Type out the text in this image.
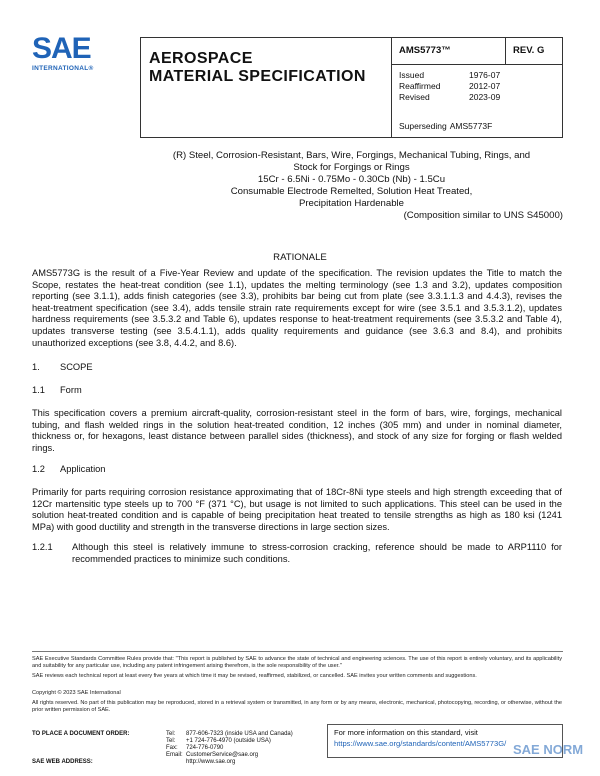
SAE
INTERNATIONAL®
AEROSPACE
MATERIAL SPECIFICATION
AMS5773™	REV. G
Issued	1976-07
Reaffirmed	2012-07
Revised	2023-09
Superseding AMS5773F
(R) Steel, Corrosion-Resistant, Bars, Wire, Forgings, Mechanical Tubing, Rings, and
Stock for Forgings or Rings
15Cr - 6.5Ni - 0.75Mo - 0.30Cb (Nb) - 1.5Cu
Consumable Electrode Remelted, Solution Heat Treated,
Precipitation Hardenable
(Composition similar to UNS S45000)
RATIONALE
AMS5773G is the result of a Five-Year Review and update of the specification. The revision updates the Title to match the Scope, restates the heat-treat condition (see 1.1), updates the melting terminology (see 1.3 and 3.2), updates composition reporting (see 3.1.1), adds finish categories (see 3.3), prohibits bar being cut from plate (see 3.3.1.1.3 and 4.4.3), revises the heat-treatment specification (see 3.4), adds tensile strain rate requirements except for wire (see 3.5.1 and 3.5.3.1.2), updates hardness requirements (see 3.5.3.2 and Table 6), updates response to heat-treatment requirements (see 3.5.3.2 and Table 4), updates transverse testing (see 3.5.4.1.1), adds quality requirements and guidance (see 3.6.3 and 8.4), and prohibits unauthorized exceptions (see 3.8, 4.4.2, and 8.6).
1. SCOPE
1.1 Form
This specification covers a premium aircraft-quality, corrosion-resistant steel in the form of bars, wire, forgings, mechanical tubing, and flash welded rings in the solution heat-treated condition, 12 inches (305 mm) and under in nominal diameter, thickness or, for hexagons, least distance between parallel sides (thickness), and stock of any size for forging or flash welded rings.
1.2 Application
Primarily for parts requiring corrosion resistance approximating that of 18Cr-8Ni type steels and high strength exceeding that of 12Cr martensitic type steels up to 700 °F (371 °C), but usage is not limited to such applications. This steel can be used in the solution heat-treated condition and is capable of being precipitation heat treated to tensile strengths as high as 180 ksi (1241 MPa) with good ductility and strength in the transverse directions in large section sizes.
1.2.1	Although this steel is relatively immune to stress-corrosion cracking, reference should be made to ARP1110 for recommended practices to minimize such conditions.
SAE Executive Standards Committee Rules provide that: "This report is published by SAE to advance the state of technical and engineering sciences. The use of this report is entirely voluntary, and its applicability and suitability for any particular use, including any patent infringement arising therefrom, is the sole responsibility of the user."
SAE reviews each technical report at least every five years at which time it may be revised, reaffirmed, stabilized, or cancelled. SAE invites your written comments and suggestions.
Copyright © 2023 SAE International
All rights reserved. No part of this publication may be reproduced, stored in a retrieval system or transmitted, in any form or by any means, electronic, mechanical, photocopying, recording, or otherwise, without the prior written permission of SAE.
TO PLACE A DOCUMENT ORDER:	Tel: 877-606-7323 (inside USA and Canada)
Tel: +1 724-776-4970 (outside USA)
Fax: 724-776-0790
Email: CustomerService@sae.org
SAE WEB ADDRESS:	http://www.sae.org
For more information on this standard, visit
https://www.sae.org/standards/content/AMS5773G/ SAE NORM
